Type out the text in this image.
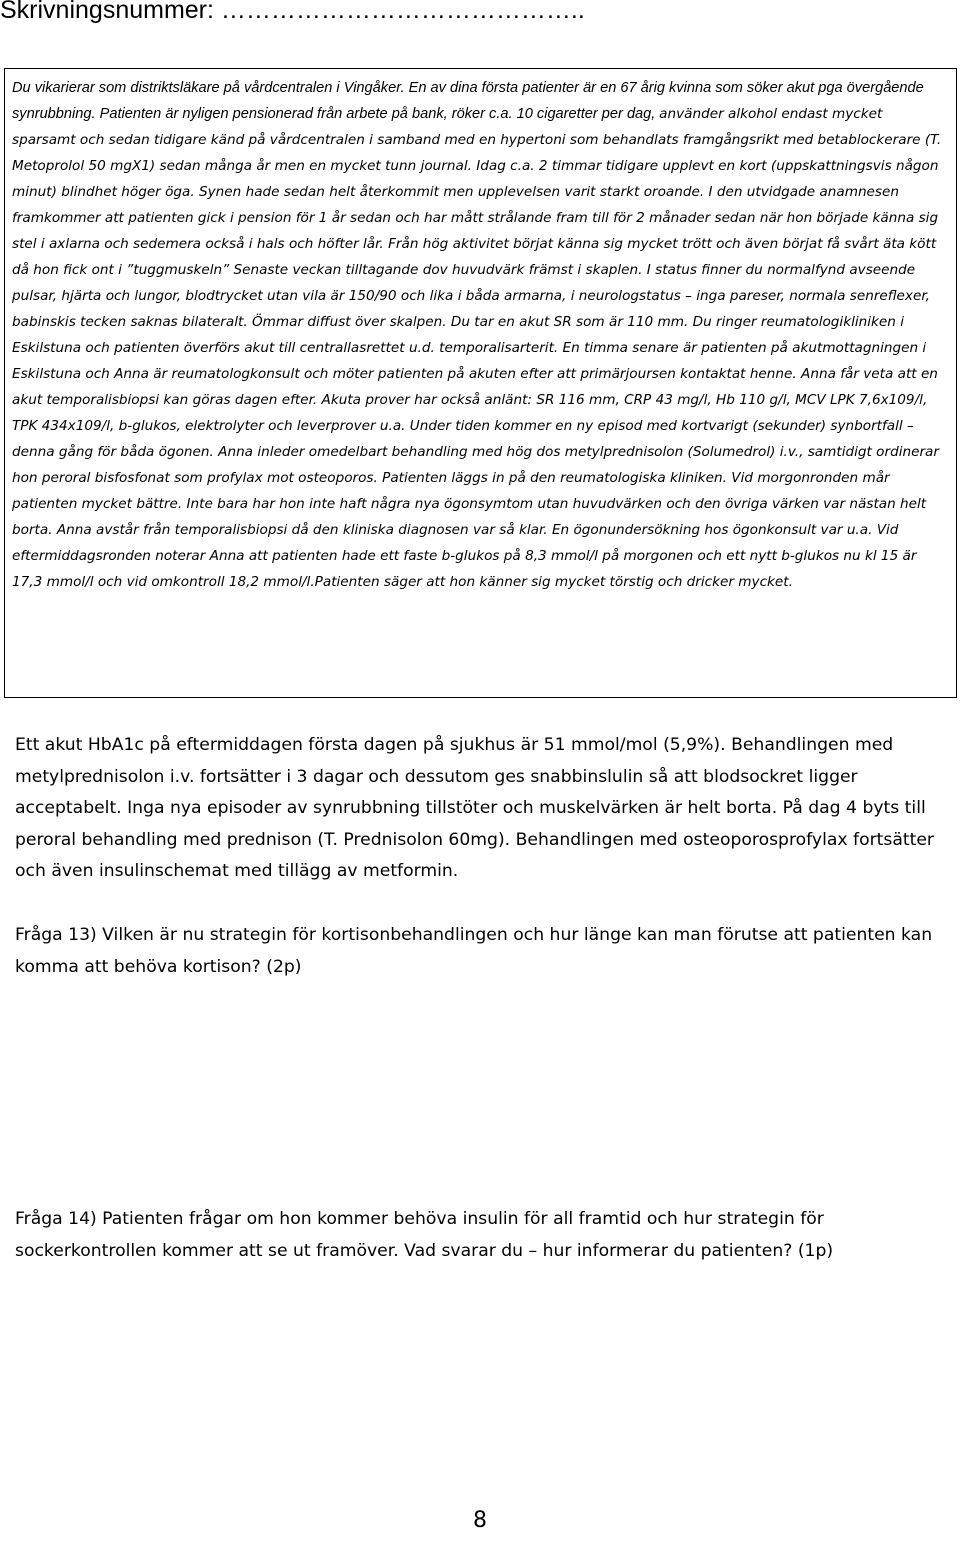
Skrivningsnummer: ……………………………………..

Du vikarierar som distriktsläkare på vårdcentralen i Vingåker. En av dina första patienter är en 67 årig kvinna som söker akut pga övergående synrubbning. Patienten är nyligen pensionerad från arbete på bank, röker c.a. 10 cigaretter per dag, använder alkohol endast mycket sparsamt och sedan tidigare känd på vårdcentralen i samband med en hypertoni som behandlats framgångsrikt med betablockerare (T. Metoprolol 50 mgX1) sedan många år men en mycket tunn journal. Idag c.a. 2 timmar tidigare upplevt en kort (uppskattningsvis någon minut) blindhet höger öga. Synen hade sedan helt återkommit men upplevelsen varit starkt oroande. I den utvidgade anamnesen framkommer att patienten gick i pension för 1 år sedan och har mått strålande fram till för 2 månader sedan när hon började känna sig stel i axlarna och sedemera också i hals och höfter lår. Från hög aktivitet börjat känna sig mycket trött och även börjat få svårt äta kött då hon fick ont i ”tuggmuskeln” Senaste veckan tilltagande dov huvudvärk främst i skaplen. I status finner du normalfynd avseende pulsar, hjärta och lungor, blodtrycket utan vila är 150/90 och lika i båda armarna, i neurologstatus – inga pareser, normala senreflexer, babinskis tecken saknas bilateralt. Ömmar diffust över skalpen. Du tar en akut SR som är 110 mm. Du ringer reumatologikliniken i Eskilstuna och patienten överförs akut till centrallasrettet u.d. temporalisarterit. En timma senare är patienten på akutmottagningen i Eskilstuna och Anna är reumatologkonsult och möter patienten på akuten efter att primärjoursen kontaktat henne. Anna får veta att en akut temporalisbiopsi kan göras dagen efter. Akuta prover har också anlänt: SR 116 mm, CRP 43 mg/l, Hb 110 g/l, MCV LPK 7,6x109/l, TPK 434x109/l, b-glukos, elektrolyter och leverprover u.a. Under tiden kommer en ny episod med kortvarigt (sekunder) synbortfall – denna gång för båda ögonen. Anna inleder omedelbart behandling med hög dos metylprednisolon (Solumedrol) i.v., samtidigt ordinerar hon peroral bisfosfonat som profylax mot osteoporos. Patienten läggs in på den reumatologiska kliniken. Vid morgonronden mår patienten mycket bättre. Inte bara har hon inte haft några nya ögonsymtom utan huvudvärken och den övriga värken var nästan helt borta. Anna avstår från temporalisbiopsi då den kliniska diagnosen var så klar. En ögonundersökning hos ögonkonsult var u.a. Vid eftermiddagsronden noterar Anna att patienten hade ett faste b-glukos på 8,3 mmol/l på morgonen och ett nytt b-glukos nu kl 15 är 17,3 mmol/l och vid omkontroll 18,2 mmol/l.Patienten säger att hon känner sig mycket törstig och dricker mycket.

Ett akut HbA1c på eftermiddagen första dagen på sjukhus är 51 mmol/mol (5,9%). Behandlingen med metylprednisolon i.v. fortsätter i 3 dagar och dessutom ges snabbinslulin så att blodsockret ligger acceptabelt. Inga nya episoder av synrubbning tillstöter och muskelvärken är helt borta. På dag 4 byts till peroral behandling med prednison (T. Prednisolon 60mg). Behandlingen med osteoporosprofylax fortsätter och även insulinschemat med tillägg av metformin.

Fråga 13) Vilken är nu strategin för kortisonbehandlingen och hur länge kan man förutse att patienten kan komma att behöva kortison? (2p)

Fråga 14) Patienten frågar om hon kommer behöva insulin för all framtid och hur strategin för sockerkontrollen kommer att se ut framöver. Vad svarar du – hur informerar du patienten? (1p)

8
